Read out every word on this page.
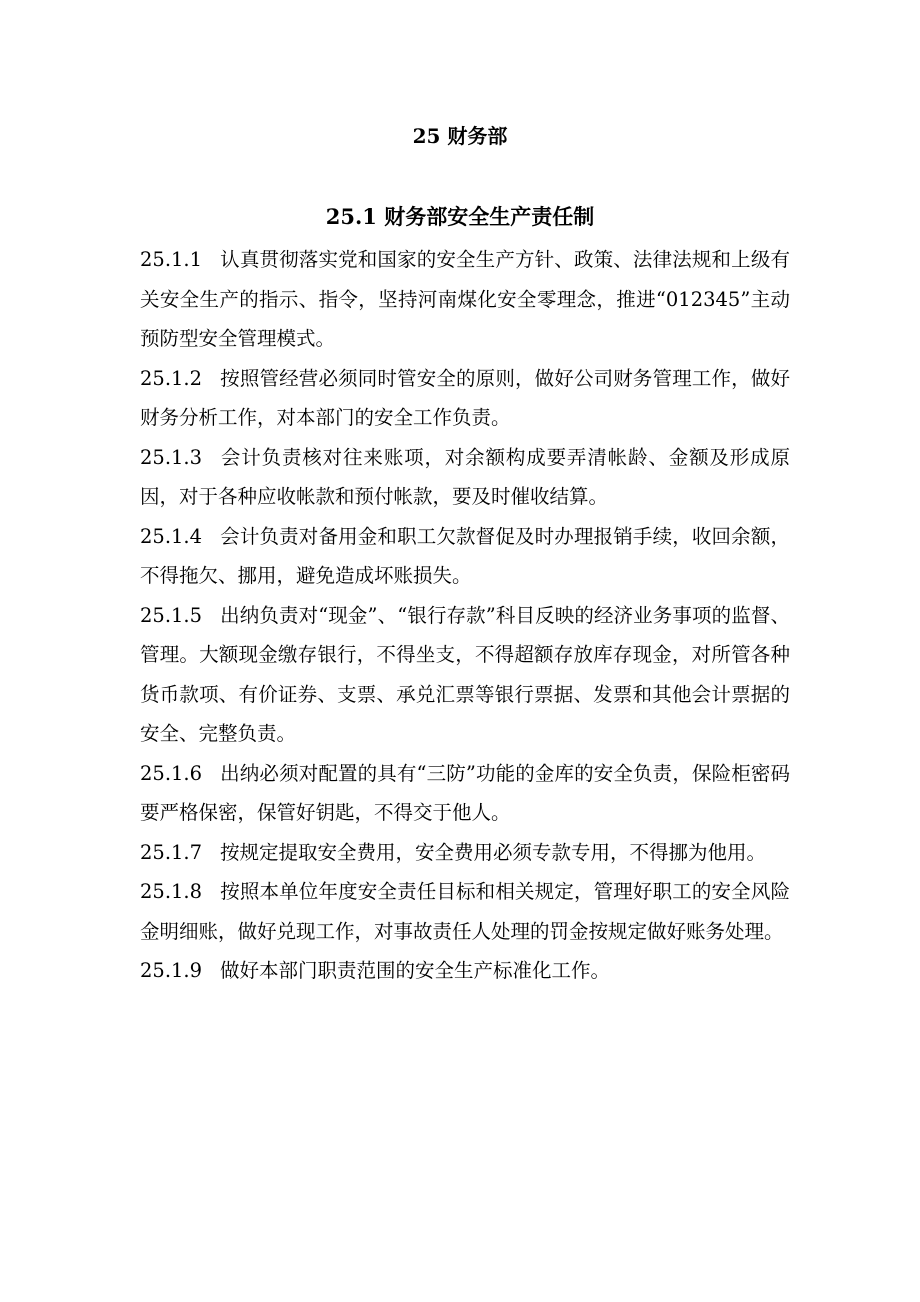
25 财务部
25.1 财务部安全生产责任制

25.1.1 认真贯彻落实党和国家的安全生产方针、政策、法律法规和上级有关安全生产的指示、指令，坚持河南煤化安全零理念，推进“012345”主动预防型安全管理模式。

25.1.2 按照管经营必须同时管安全的原则，做好公司财务管理工作，做好财务分析工作，对本部门的安全工作负责。

25.1.3 会计负责核对往来账项，对余额构成要弄清帐龄、金额及形成原因，对于各种应收帐款和预付帐款，要及时催收结算。

25.1.4 会计负责对备用金和职工欠款督促及时办理报销手续，收回余额，不得拖欠、挪用，避免造成坏账损失。

25.1.5 出纳负责对“现金”、“银行存款”科目反映的经济业务事项的监督、管理。大额现金缴存银行，不得坐支，不得超额存放库存现金，对所管各种货币款项、有价证券、支票、承兑汇票等银行票据、发票和其他会计票据的安全、完整负责。

25.1.6 出纳必须对配置的具有“三防”功能的金库的安全负责，保险柜密码要严格保密，保管好钥匙，不得交于他人。

25.1.7 按规定提取安全费用，安全费用必须专款专用，不得挪为他用。

25.1.8 按照本单位年度安全责任目标和相关规定，管理好职工的安全风险金明细账，做好兑现工作，对事故责任人处理的罚金按规定做好账务处理。

25.1.9 做好本部门职责范围的安全生产标准化工作。
